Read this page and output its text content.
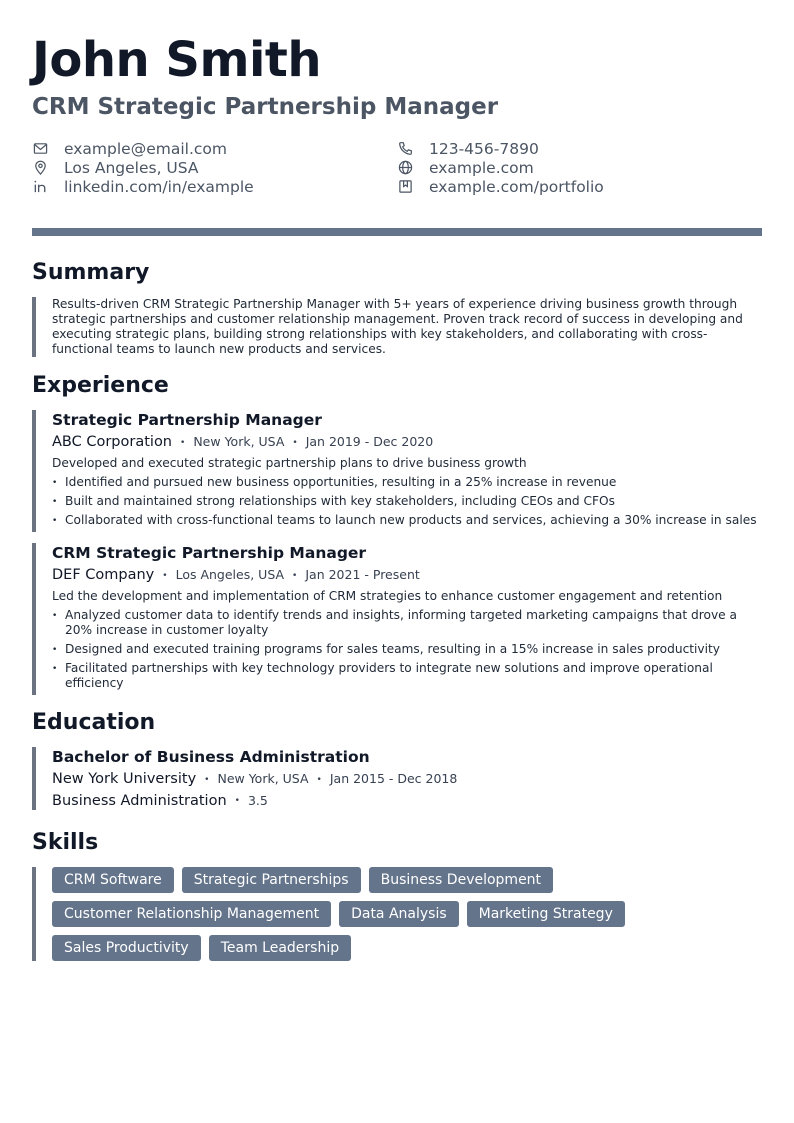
John Smith
CRM Strategic Partnership Manager
example@email.com	123-456-7890
Los Angeles, USA	example.com
linkedin.com/in/example	example.com/portfolio
Summary

Results-driven CRM Strategic Partnership Manager with 5+ years of experience driving business growth through strategic partnerships and customer relationship management. Proven track record of success in developing and executing strategic plans, building strong relationships with key stakeholders, and collaborating with cross-functional teams to launch new products and services.

Experience

Strategic Partnership Manager

ABC Corporation • New York, USA • Jan 2019 - Dec 2020
Developed and executed strategic partnership plans to drive business growth
• Identified and pursued new business opportunities, resulting in a 25% increase in revenue
• Built and maintained strong relationships with key stakeholders, including CEOs and CFOs
• Collaborated with cross-functional teams to launch new products and services, achieving a 30% increase in sales

CRM Strategic Partnership Manager

DEF Company • Los Angeles, USA • Jan 2021 - Present
Led the development and implementation of CRM strategies to enhance customer engagement and retention
• Analyzed customer data to identify trends and insights, informing targeted marketing campaigns that drove a 20% increase in customer loyalty
• Designed and executed training programs for sales teams, resulting in a 15% increase in sales productivity
• Facilitated partnerships with key technology providers to integrate new solutions and improve operational efficiency
Education

Bachelor of Business Administration

New York University • New York, USA • Jan 2015 - Dec 2018
Business Administration • 3.5
Skills
CRM Software	Strategic Partnerships	Business Development
Customer Relationship Management	Data Analysis	Marketing Strategy
Sales Productivity	Team Leadership
